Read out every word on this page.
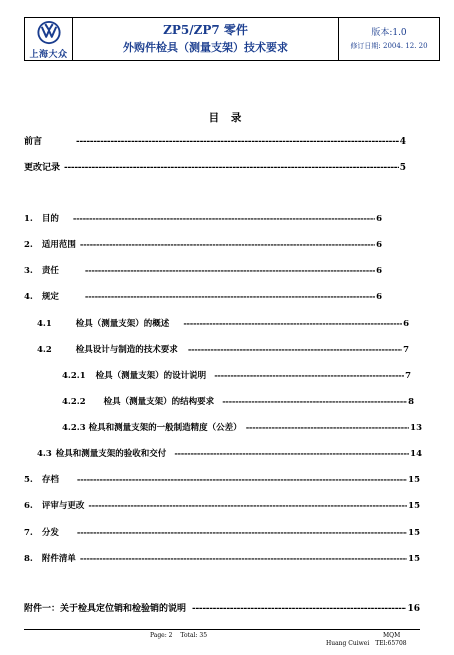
上海大众
ZP5/ZP7 零件
外购件检具（测量支架）技术要求
版本:1.0
修订日期: 2004. 12. 20
目 录
前言 -----	4
更改记录 -----	5
1. 目的 -----	6
2. 适用范围 -----	6
3. 责任 -----	6
4. 规定 -----	6
4.1	检具（测量支架）的概述 -----	6
4.2	检具设计与制造的技术要求 -----	7
4.2.1 检具（测量支架）的设计说明 -----	7
4.2.2 检具（测量支架）的结构要求 -----	8
4.2.3 检具和测量支架的一般制造精度（公差） -----	13
4.3 检具和测量支架的验收和交付 -----	14
5. 存档 -----	15
6. 评审与更改 -----	15
7. 分发 -----	15
8. 附件清单 -----	15
附件一：关于检具定位销和检验销的说明 -----	16
Page: 2 Total: 35	MQM
Huang Cuiwei TEl:65708
